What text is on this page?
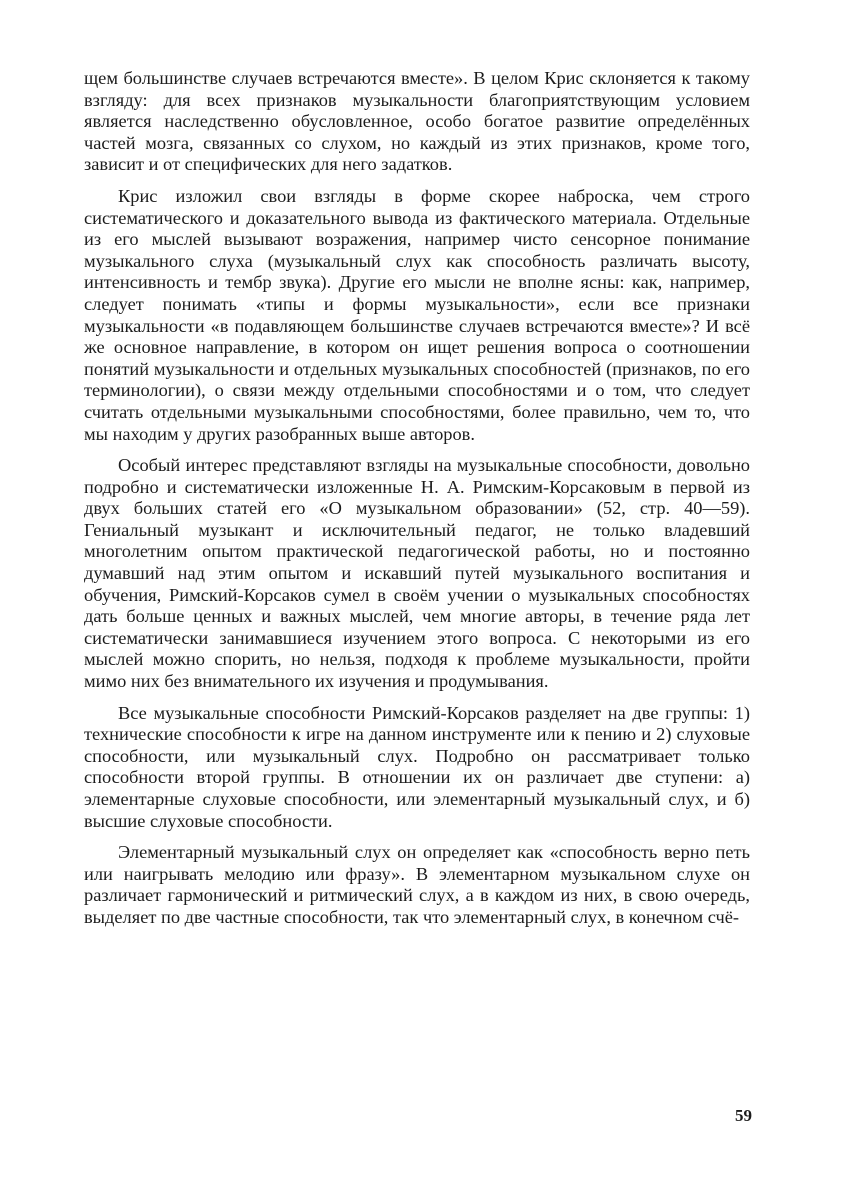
щем большинстве случаев встречаются вместе». В целом Крис склоняется к такому взгляду: для всех признаков музыкальности благоприятствующим условием является наследственно обусловленное, особо богатое развитие определённых частей мозга, связанных со слухом, но каждый из этих признаков, кроме того, зависит и от специфических для него задатков.

Крис изложил свои взгляды в форме скорее наброска, чем строго систематического и доказательного вывода из фактического материала. Отдельные из его мыслей вызывают возражения, например чисто сенсорное понимание музыкального слуха (музыкальный слух как способность различать высоту, интенсивность и тембр звука). Другие его мысли не вполне ясны: как, например, следует понимать «типы и формы музыкальности», если все признаки музыкальности «в подавляющем большинстве случаев встречаются вместе»? И всё же основное направление, в котором он ищет решения вопроса о соотношении понятий музыкальности и отдельных музыкальных способностей (признаков, по его терминологии), о связи между отдельными способностями и о том, что следует считать отдельными музыкальными способностями, более правильно, чем то, что мы находим у других разобранных выше авторов.

Особый интерес представляют взгляды на музыкальные способности, довольно подробно и систематически изложенные Н. А. Римским-Корсаковым в первой из двух больших статей его «О музыкальном образовании» (52, стр. 40—59). Гениальный музыкант и исключительный педагог, не только владевший многолетним опытом практической педагогической работы, но и постоянно думавший над этим опытом и искавший путей музыкального воспитания и обучения, Римский-Корсаков сумел в своём учении о музыкальных способностях дать больше ценных и важных мыслей, чем многие авторы, в течение ряда лет систематически занимавшиеся изучением этого вопроса. С некоторыми из его мыслей можно спорить, но нельзя, подходя к проблеме музыкальности, пройти мимо них без внимательного их изучения и продумывания.

Все музыкальные способности Римский-Корсаков разделяет на две группы: 1) технические способности к игре на данном инструменте или к пению и 2) слуховые способности, или музыкальный слух. Подробно он рассматривает только способности второй группы. В отношении их он различает две ступени: а) элементарные слуховые способности, или элементарный музыкальный слух, и б) высшие слуховые способности.

Элементарный музыкальный слух он определяет как «способность верно петь или наигрывать мелодию или фразу». В элементарном музыкальном слухе он различает гармонический и ритмический слух, а в каждом из них, в свою очередь, выделяет по две частные способности, так что элементарный слух, в конечном счё-

59
